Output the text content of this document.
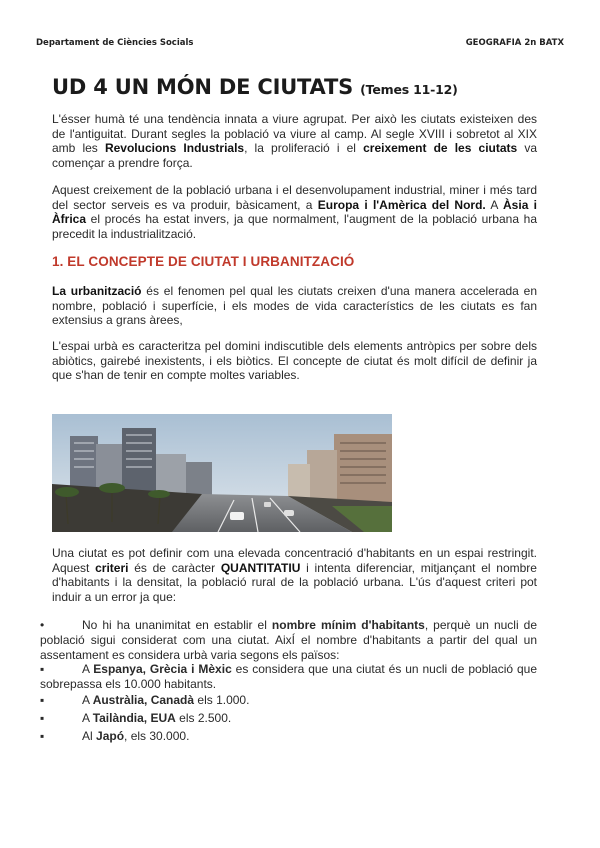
Departament de Ciències Socials	GEOGRAFIA 2n BATX
UD 4 UN MÓN DE CIUTATS (Temes 11-12)
L'ésser humà té una tendència innata a viure agrupat. Per això les ciutats existeixen des de l'antiguitat. Durant segles la població va viure al camp. Al segle XVIII i sobretot al XIX amb les Revolucions Industrials, la proliferació i el creixement de les ciutats va començar a prendre força.
Aquest creixement de la població urbana i el desenvolupament industrial, miner i més tard del sector serveis es va produir, bàsicament, a Europa i l'Amèrica del Nord. A Àsia i Àfrica el procés ha estat invers, ja que normalment, l'augment de la població urbana ha precedit la industrialització.
1. EL CONCEPTE DE CIUTAT I URBANITZACIÓ
La urbanització és el fenomen pel qual les ciutats creixen d'una manera accelerada en nombre, població i superfície, i els modes de vida característics de les ciutats es fan extensius a grans àrees,
L'espai urbà es caracteritza pel domini indiscutible dels elements antròpics per sobre dels abiòtics, gairebé inexistents, i els biòtics. El concepte de ciutat és molt difícil de definir ja que s'han de tenir en compte moltes variables.
Una ciutat es pot definir com una elevada concentració d'habitants en un espai restringit. Aquest criteri és de caràcter QUANTITATIU i intenta diferenciar, mitjançant el nombre d'habitants i la densitat, la població rural de la població urbana. L'ús d'aquest criteri pot induir a un error ja que:
•	No hi ha unanimitat en establir el nombre mínim d'habitants, perquè un nucli de població sigui considerat com una ciutat. AixÍ el nombre d'habitants a partir del qual un assentament es considera urbà varia segons els països:
▪	A Espanya, Grècia i Mèxic es considera que una ciutat és un nucli de població que sobrepassa els 10.000 habitants.
▪	A Austràlia, Canadà els 1.000.
▪	A Tailàndia, EUA els 2.500.
▪	Al Japó, els 30.000.
